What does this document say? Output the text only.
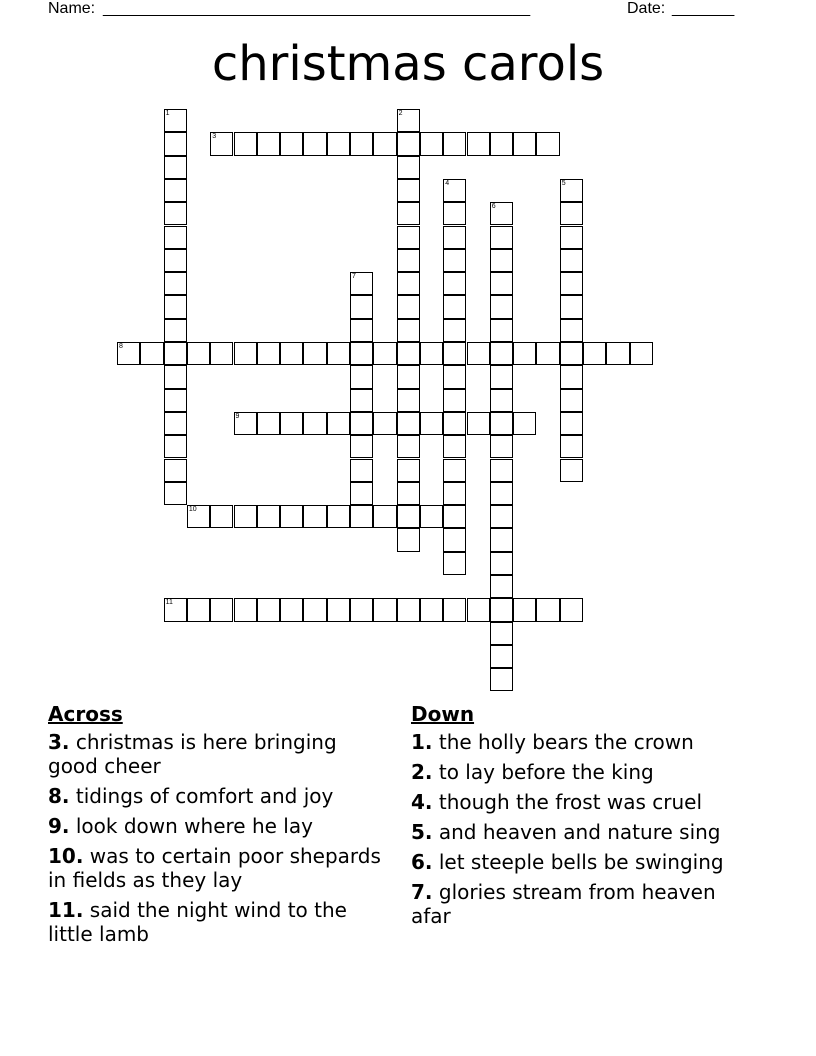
Name: ________________________________________________	Date: _______
christmas carols
1	2
3
4	5
6
7
8
9
10
11
Across
3. christmas is here bringing good cheer
8. tidings of comfort and joy
9. look down where he lay
10. was to certain poor shepards in fields as they lay
11. said the night wind to the little lamb
Down
1. the holly bears the crown
2. to lay before the king
4. though the frost was cruel
5. and heaven and nature sing
6. let steeple bells be swinging
7. glories stream from heaven afar
